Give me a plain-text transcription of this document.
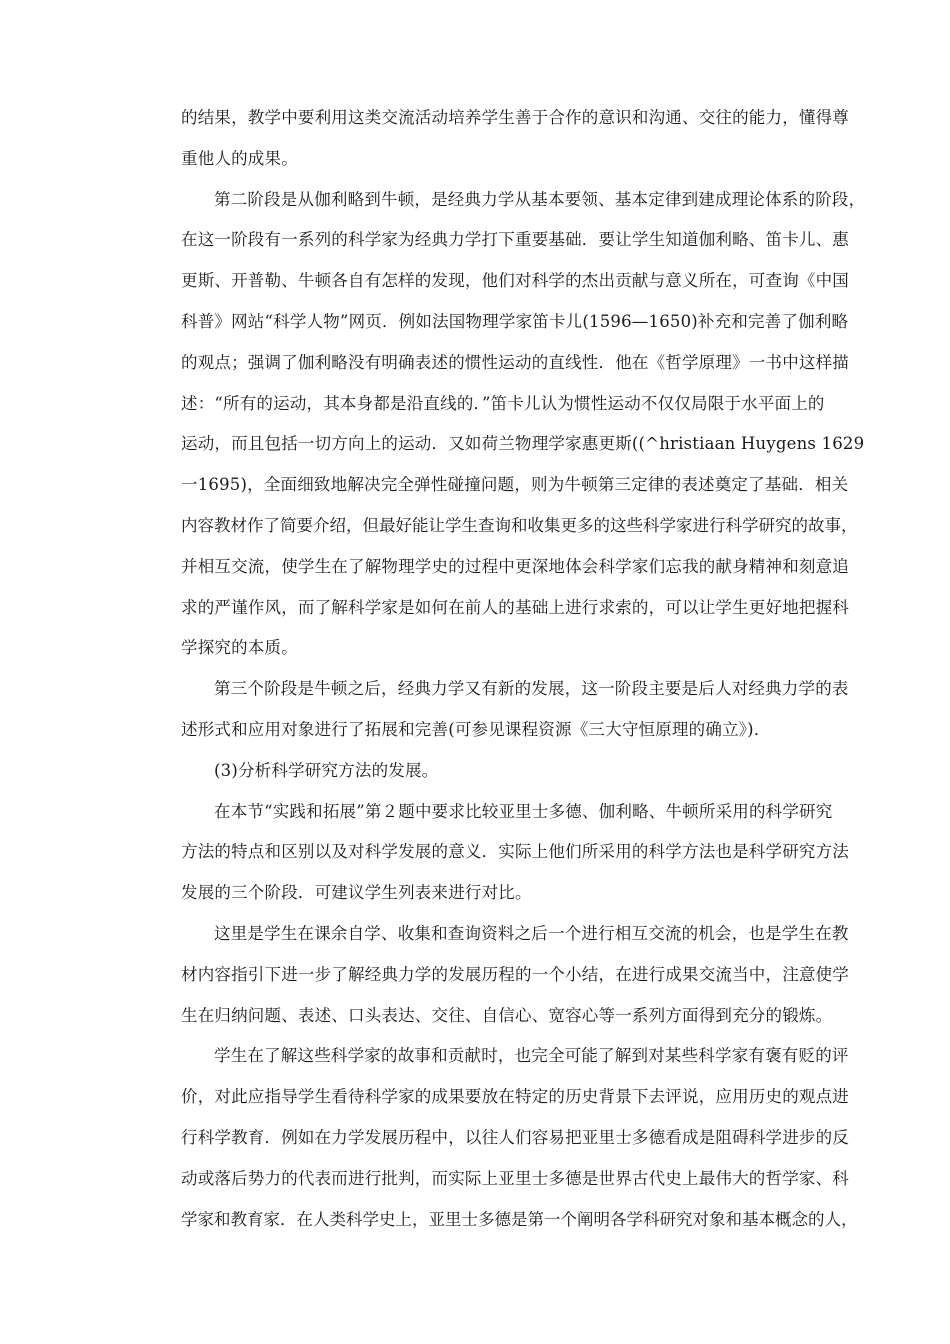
的结果，教学中要利用这类交流活动培养学生善于合作的意识和沟通、交往的能力，懂得尊
重他人的成果。
第二阶段是从伽利略到牛顿，是经典力学从基本要领、基本定律到建成理论体系的阶段，
在这一阶段有一系列的科学家为经典力学打下重要基础．要让学生知道伽利略、笛卡儿、惠
更斯、开普勒、牛顿各自有怎样的发现，他们对科学的杰出贡献与意义所在，可查询《中国
科普》网站“科学人物”网页．例如法国物理学家笛卡儿(1596—1650)补充和完善了伽利略
的观点；强调了伽利略没有明确表述的惯性运动的直线性．他在《哲学原理》一书中这样描
述：“所有的运动，其本身都是沿直线的．”笛卡儿认为惯性运动不仅仅局限于水平面上的
运动，而且包括一切方向上的运动．又如荷兰物理学家惠更斯((^hristiaan Huygens 1629
一1695)，全面细致地解决完全弹性碰撞问题，则为牛顿第三定律的表述奠定了基础．相关
内容教材作了简要介绍，但最好能让学生查询和收集更多的这些科学家进行科学研究的故事，
并相互交流，使学生在了解物理学史的过程中更深地体会科学家们忘我的献身精神和刻意追
求的严谨作风，而了解科学家是如何在前人的基础上进行求索的，可以让学生更好地把握科
学探究的本质。
第三个阶段是牛顿之后，经典力学又有新的发展，这一阶段主要是后人对经典力学的表
述形式和应用对象进行了拓展和完善(可参见课程资源《三大守恒原理的确立》)．
(3)分析科学研究方法的发展。
在本节“实践和拓展”第２题中要求比较亚里士多德、伽利略、牛顿所采用的科学研究
方法的特点和区别以及对科学发展的意义．实际上他们所采用的科学方法也是科学研究方法
发展的三个阶段．可建议学生列表来进行对比。
这里是学生在课余自学、收集和查询资料之后一个进行相互交流的机会，也是学生在教
材内容指引下进一步了解经典力学的发展历程的一个小结，在进行成果交流当中，注意使学
生在归纳问题、表述、口头表达、交往、自信心、宽容心等一系列方面得到充分的锻炼。
学生在了解这些科学家的故事和贡献时，也完全可能了解到对某些科学家有褒有贬的评
价，对此应指导学生看待科学家的成果要放在特定的历史背景下去评说，应用历史的观点进
行科学教育．例如在力学发展历程中，以往人们容易把亚里士多德看成是阻碍科学进步的反
动或落后势力的代表而进行批判，而实际上亚里士多德是世界古代史上最伟大的哲学家、科
学家和教育家．在人类科学史上，亚里士多德是第一个阐明各学科研究对象和基本概念的人，
